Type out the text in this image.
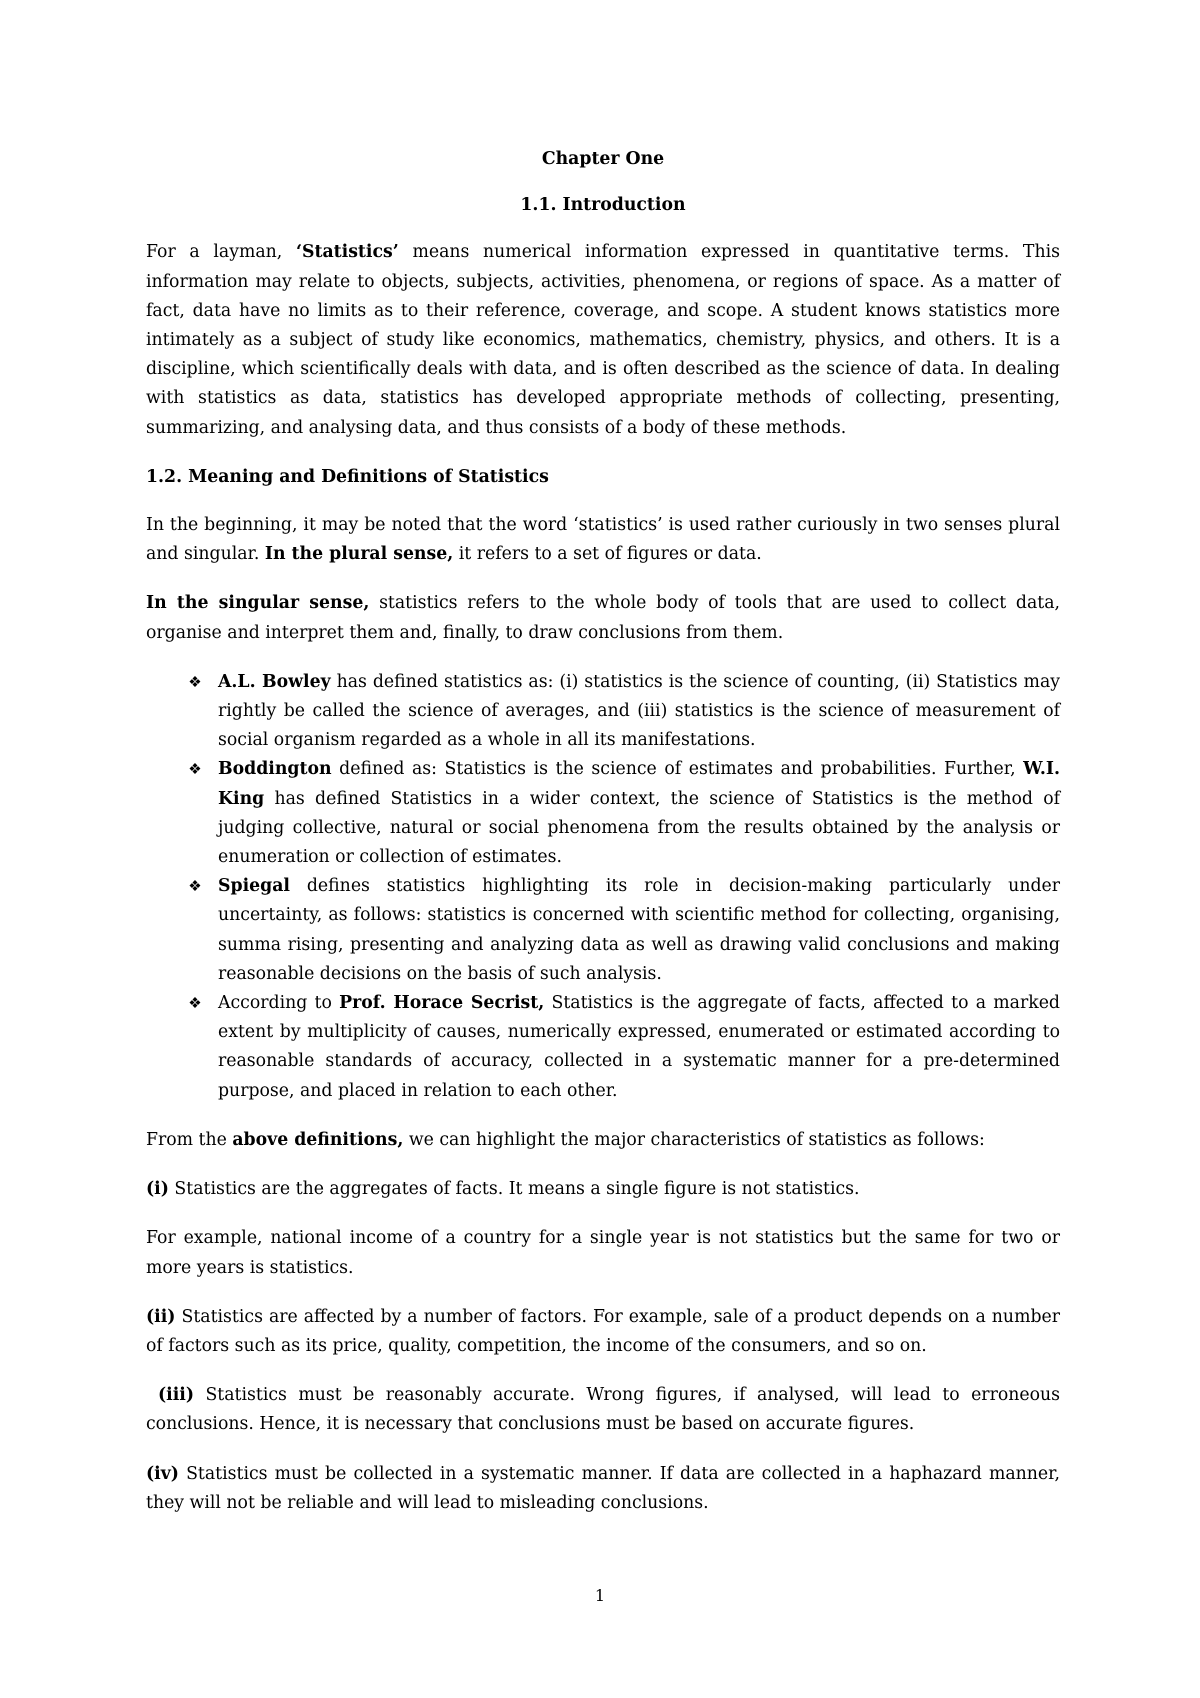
Chapter One

1.1. Introduction

For a layman, ‘Statistics’ means numerical information expressed in quantitative terms. This information may relate to objects, subjects, activities, phenomena, or regions of space. As a matter of fact, data have no limits as to their reference, coverage, and scope. A student knows statistics more intimately as a subject of study like economics, mathematics, chemistry, physics, and others. It is a discipline, which scientifically deals with data, and is often described as the science of data. In dealing with statistics as data, statistics has developed appropriate methods of collecting, presenting, summarizing, and analysing data, and thus consists of a body of these methods.

1.2. Meaning and Definitions of Statistics

In the beginning, it may be noted that the word ‘statistics’ is used rather curiously in two senses plural and singular. In the plural sense, it refers to a set of figures or data.

In the singular sense, statistics refers to the whole body of tools that are used to collect data, organise and interpret them and, finally, to draw conclusions from them.

❖ A.L. Bowley has defined statistics as: (i) statistics is the science of counting, (ii) Statistics may rightly be called the science of averages, and (iii) statistics is the science of measurement of social organism regarded as a whole in all its manifestations.
❖ Boddington defined as: Statistics is the science of estimates and probabilities. Further, W.I. King has defined Statistics in a wider context, the science of Statistics is the method of judging collective, natural or social phenomena from the results obtained by the analysis or enumeration or collection of estimates.
❖ Spiegal defines statistics highlighting its role in decision-making particularly under uncertainty, as follows: statistics is concerned with scientific method for collecting, organising, summa rising, presenting and analyzing data as well as drawing valid conclusions and making reasonable decisions on the basis of such analysis.
❖ According to Prof. Horace Secrist, Statistics is the aggregate of facts, affected to a marked extent by multiplicity of causes, numerically expressed, enumerated or estimated according to reasonable standards of accuracy, collected in a systematic manner for a pre-determined purpose, and placed in relation to each other.

From the above definitions, we can highlight the major characteristics of statistics as follows:

(i) Statistics are the aggregates of facts. It means a single figure is not statistics.

For example, national income of a country for a single year is not statistics but the same for two or more years is statistics.

(ii) Statistics are affected by a number of factors. For example, sale of a product depends on a number of factors such as its price, quality, competition, the income of the consumers, and so on.

(iii) Statistics must be reasonably accurate. Wrong figures, if analysed, will lead to erroneous conclusions. Hence, it is necessary that conclusions must be based on accurate figures.

(iv) Statistics must be collected in a systematic manner. If data are collected in a haphazard manner, they will not be reliable and will lead to misleading conclusions.

1
